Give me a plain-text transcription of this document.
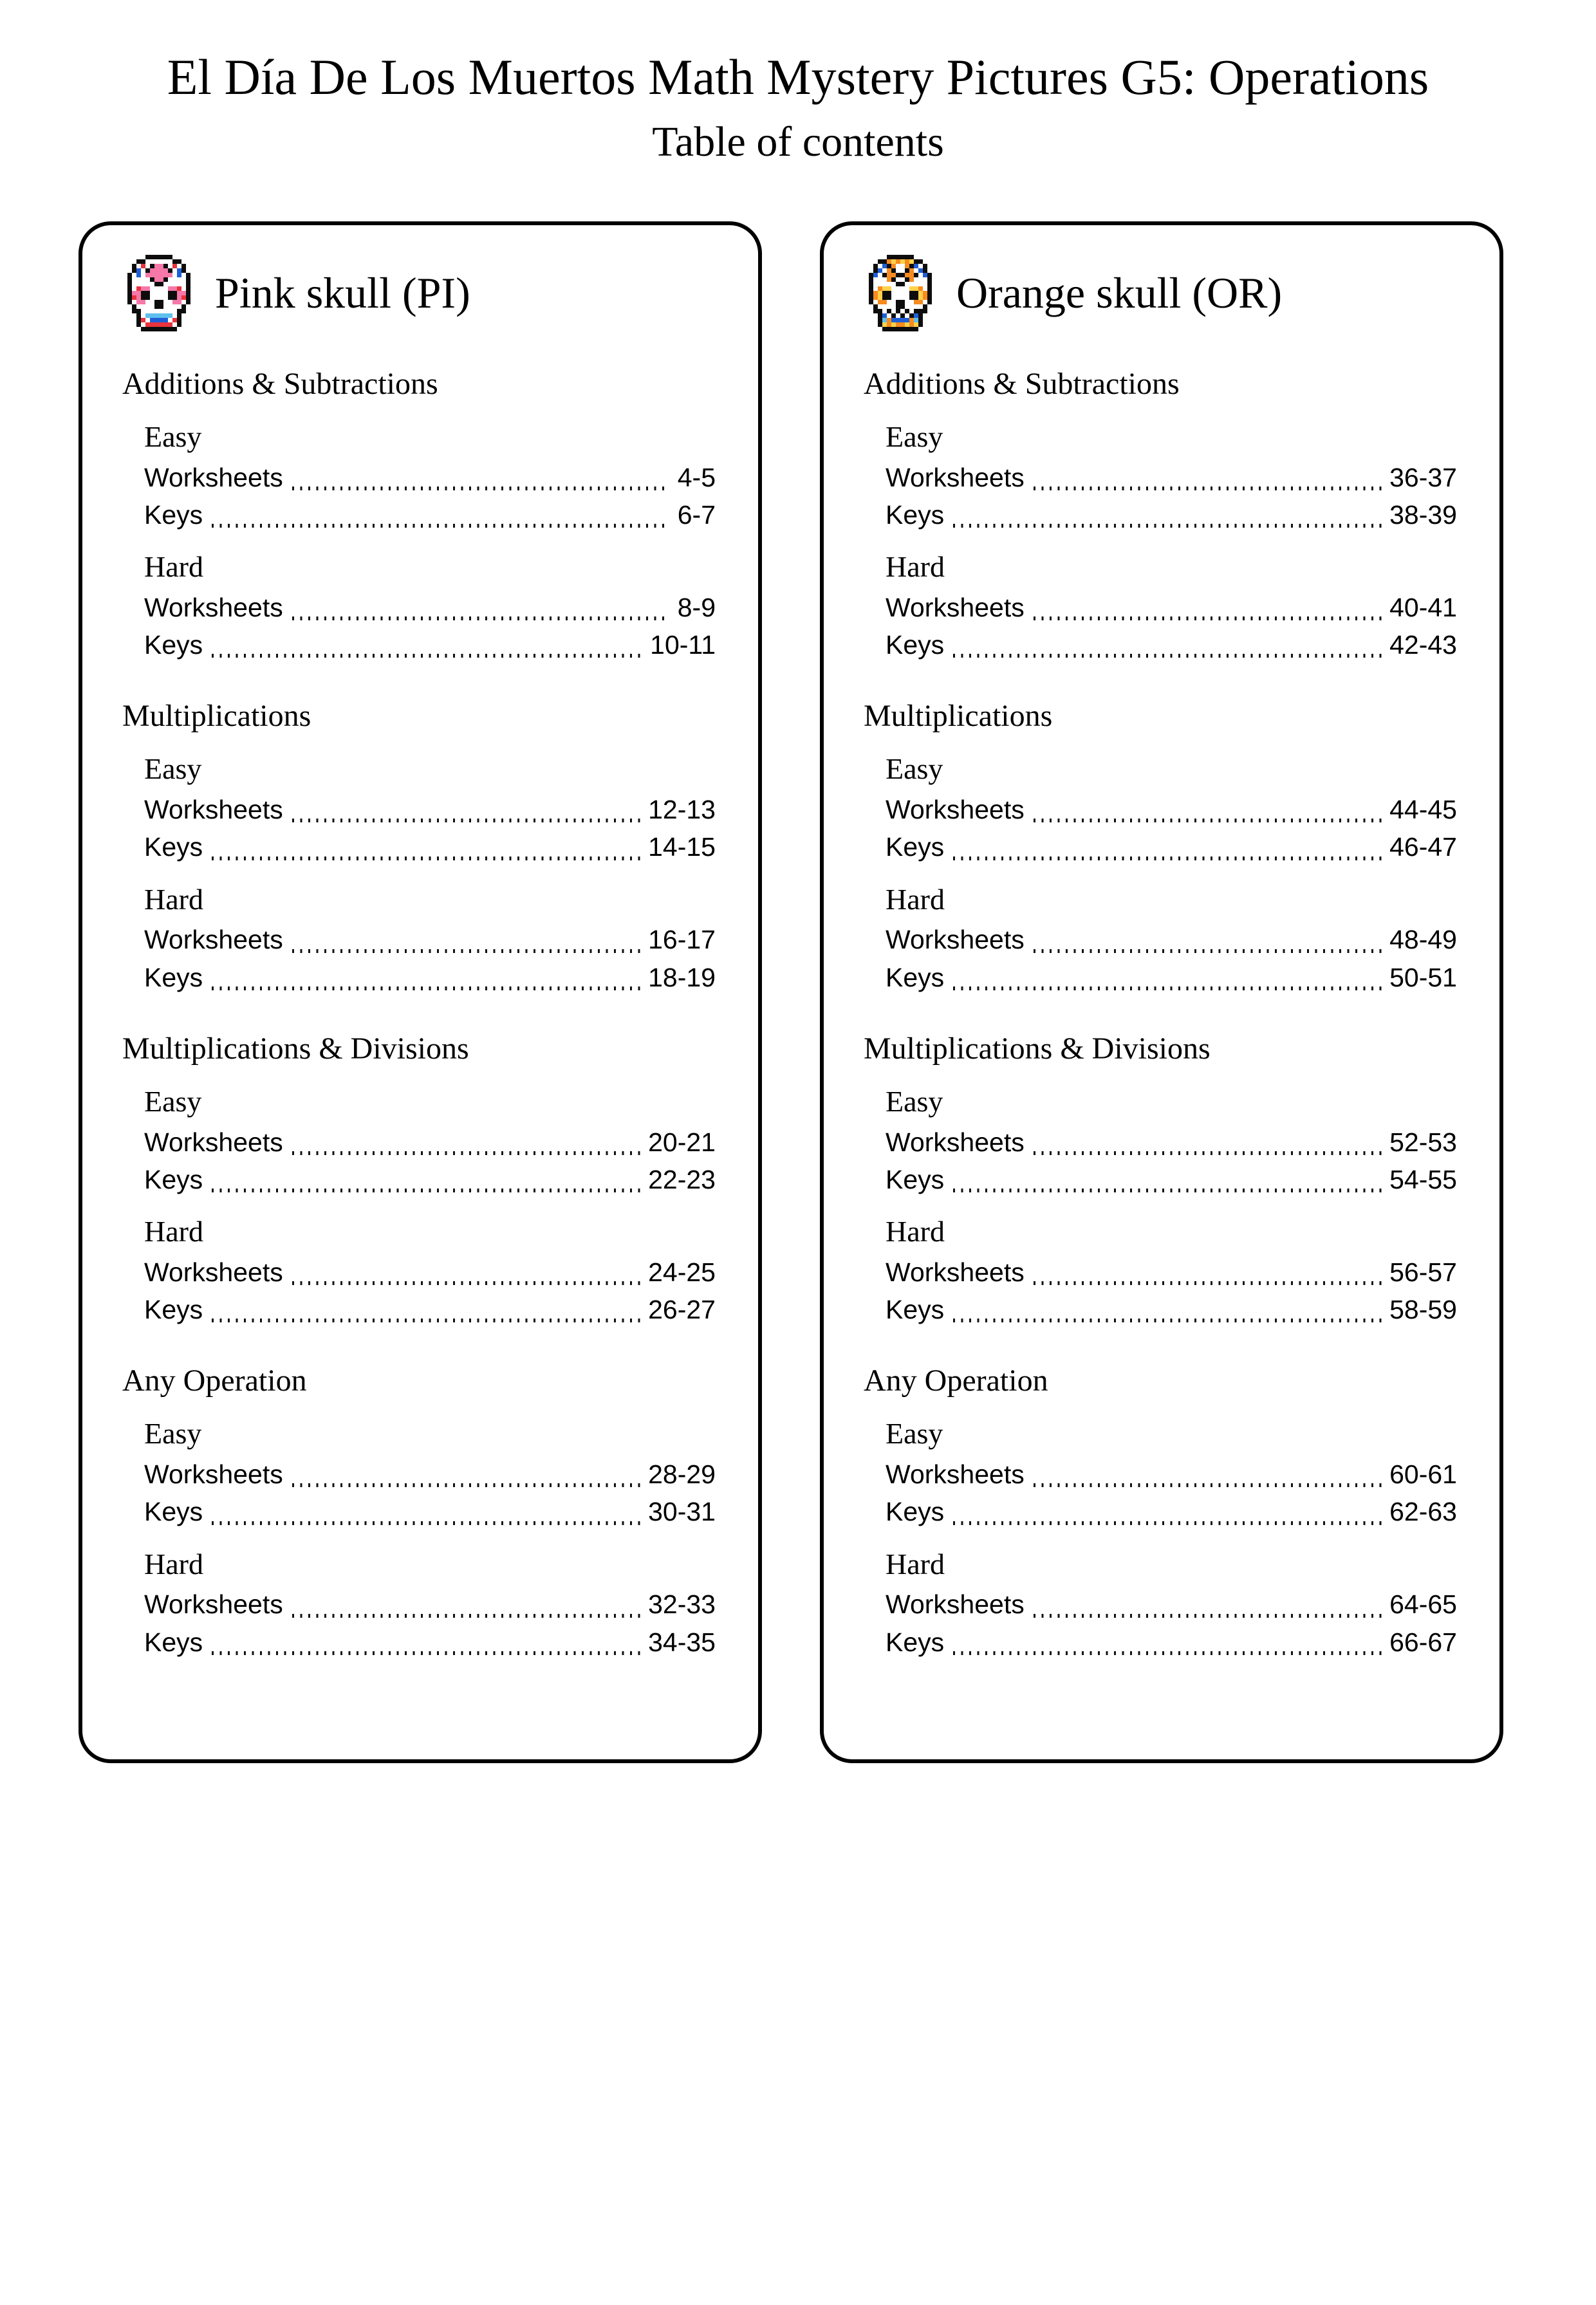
El Día De Los Muertos Math Mystery Pictures G5: Operations
Table of contents
Pink skull (PI)
Additions & Subtractions
Easy
Worksheets	4-5
Keys	6-7
Hard
Worksheets	8-9
Keys	10-11
Multiplications
Easy
Worksheets	12-13
Keys	14-15
Hard
Worksheets	16-17
Keys	18-19
Multiplications & Divisions
Easy
Worksheets	20-21
Keys	22-23
Hard
Worksheets	24-25
Keys	26-27
Any Operation
Easy
Worksheets	28-29
Keys	30-31
Hard
Worksheets	32-33
Keys	34-35
Orange skull (OR)
Additions & Subtractions
Easy
Worksheets	36-37
Keys	38-39
Hard
Worksheets	40-41
Keys	42-43
Multiplications
Easy
Worksheets	44-45
Keys	46-47
Hard
Worksheets	48-49
Keys	50-51
Multiplications & Divisions
Easy
Worksheets	52-53
Keys	54-55
Hard
Worksheets	56-57
Keys	58-59
Any Operation
Easy
Worksheets	60-61
Keys	62-63
Hard
Worksheets	64-65
Keys	66-67
